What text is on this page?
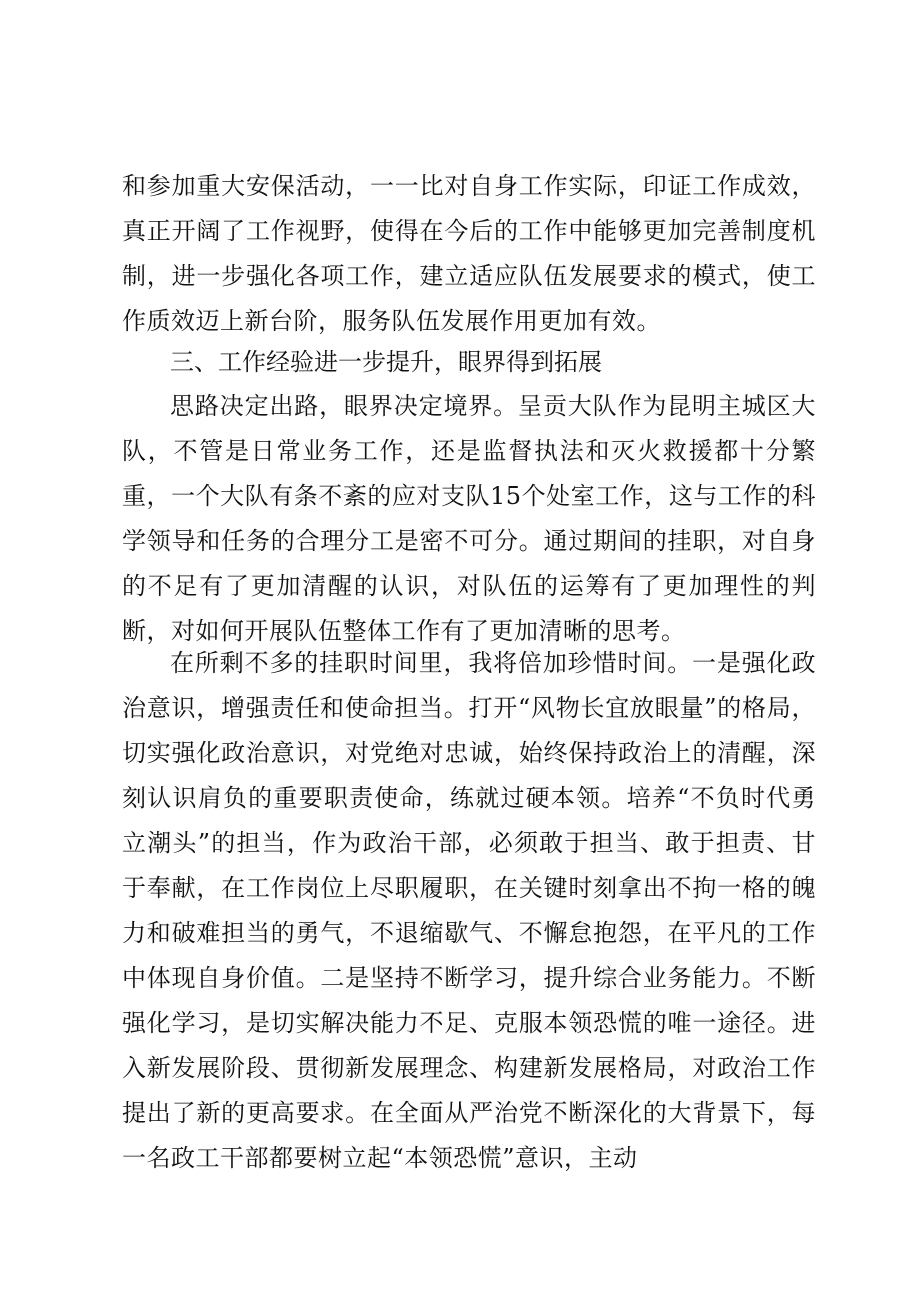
和参加重大安保活动，一一比对自身工作实际，印证工作成效，真正开阔了工作视野，使得在今后的工作中能够更加完善制度机制，进一步强化各项工作，建立适应队伍发展要求的模式，使工作质效迈上新台阶，服务队伍发展作用更加有效。

三、工作经验进一步提升，眼界得到拓展

思路决定出路，眼界决定境界。呈贡大队作为昆明主城区大队，不管是日常业务工作，还是监督执法和灭火救援都十分繁重，一个大队有条不紊的应对支队15个处室工作，这与工作的科学领导和任务的合理分工是密不可分。通过期间的挂职，对自身的不足有了更加清醒的认识，对队伍的运筹有了更加理性的判断，对如何开展队伍整体工作有了更加清晰的思考。

在所剩不多的挂职时间里，我将倍加珍惜时间。一是强化政治意识，增强责任和使命担当。打开“风物长宜放眼量”的格局，切实强化政治意识，对党绝对忠诚，始终保持政治上的清醒，深刻认识肩负的重要职责使命，练就过硬本领。培养“不负时代勇立潮头”的担当，作为政治干部，必须敢于担当、敢于担责、甘于奉献，在工作岗位上尽职履职，在关键时刻拿出不拘一格的魄力和破难担当的勇气，不退缩歇气、不懈怠抱怨，在平凡的工作中体现自身价值。二是坚持不断学习，提升综合业务能力。不断强化学习，是切实解决能力不足、克服本领恐慌的唯一途径。进入新发展阶段、贯彻新发展理念、构建新发展格局，对政治工作提出了新的更高要求。在全面从严治党不断深化的大背景下，每一名政工干部都要树立起“本领恐慌”意识，主动
